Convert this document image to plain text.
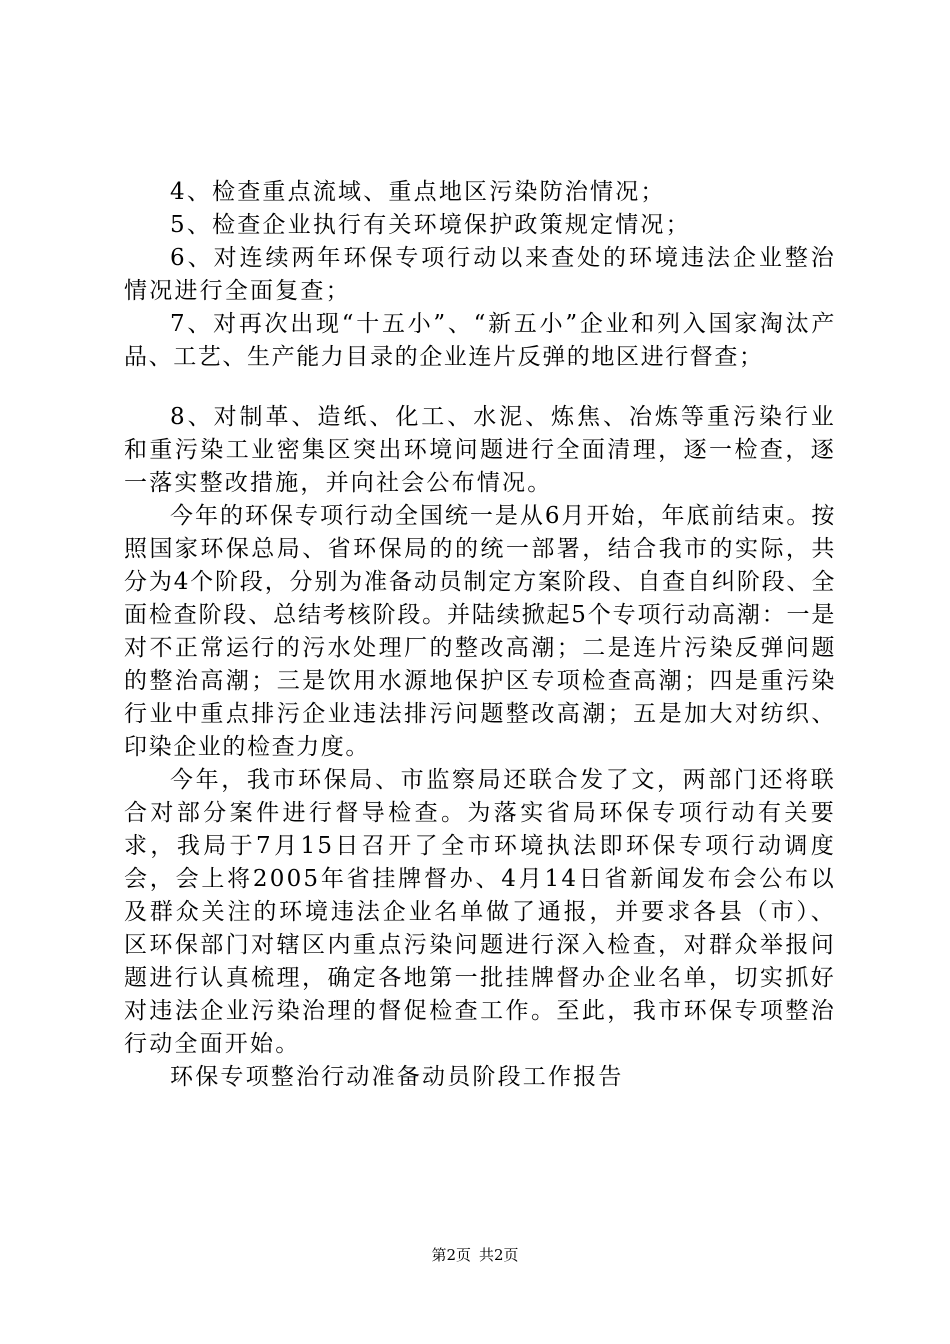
4、检查重点流域、重点地区污染防治情况；

5、检查企业执行有关环境保护政策规定情况；

6、对连续两年环保专项行动以来查处的环境违法企业整治情况进行全面复查；

7、对再次出现“十五小”、“新五小”企业和列入国家淘汰产品、工艺、生产能力目录的企业连片反弹的地区进行督查；

8、对制革、造纸、化工、水泥、炼焦、冶炼等重污染行业和重污染工业密集区突出环境问题进行全面清理，逐一检查，逐一落实整改措施，并向社会公布情况。

今年的环保专项行动全国统一是从6月开始，年底前结束。按照国家环保总局、省环保局的的统一部署，结合我市的实际，共分为4个阶段，分别为准备动员制定方案阶段、自查自纠阶段、全面检查阶段、总结考核阶段。并陆续掀起5个专项行动高潮：一是对不正常运行的污水处理厂的整改高潮；二是连片污染反弹问题的整治高潮；三是饮用水源地保护区专项检查高潮；四是重污染行业中重点排污企业违法排污问题整改高潮；五是加大对纺织、印染企业的检查力度。

今年，我市环保局、市监察局还联合发了文，两部门还将联合对部分案件进行督导检查。为落实省局环保专项行动有关要求，我局于7月15日召开了全市环境执法即环保专项行动调度会，会上将2005年省挂牌督办、4月14日省新闻发布会公布以及群众关注的环境违法企业名单做了通报，并要求各县（市）、区环保部门对辖区内重点污染问题进行深入检查，对群众举报问题进行认真梳理，确定各地第一批挂牌督办企业名单，切实抓好对违法企业污染治理的督促检查工作。至此，我市环保专项整治行动全面开始。

环保专项整治行动准备动员阶段工作报告

第2页 共2页
